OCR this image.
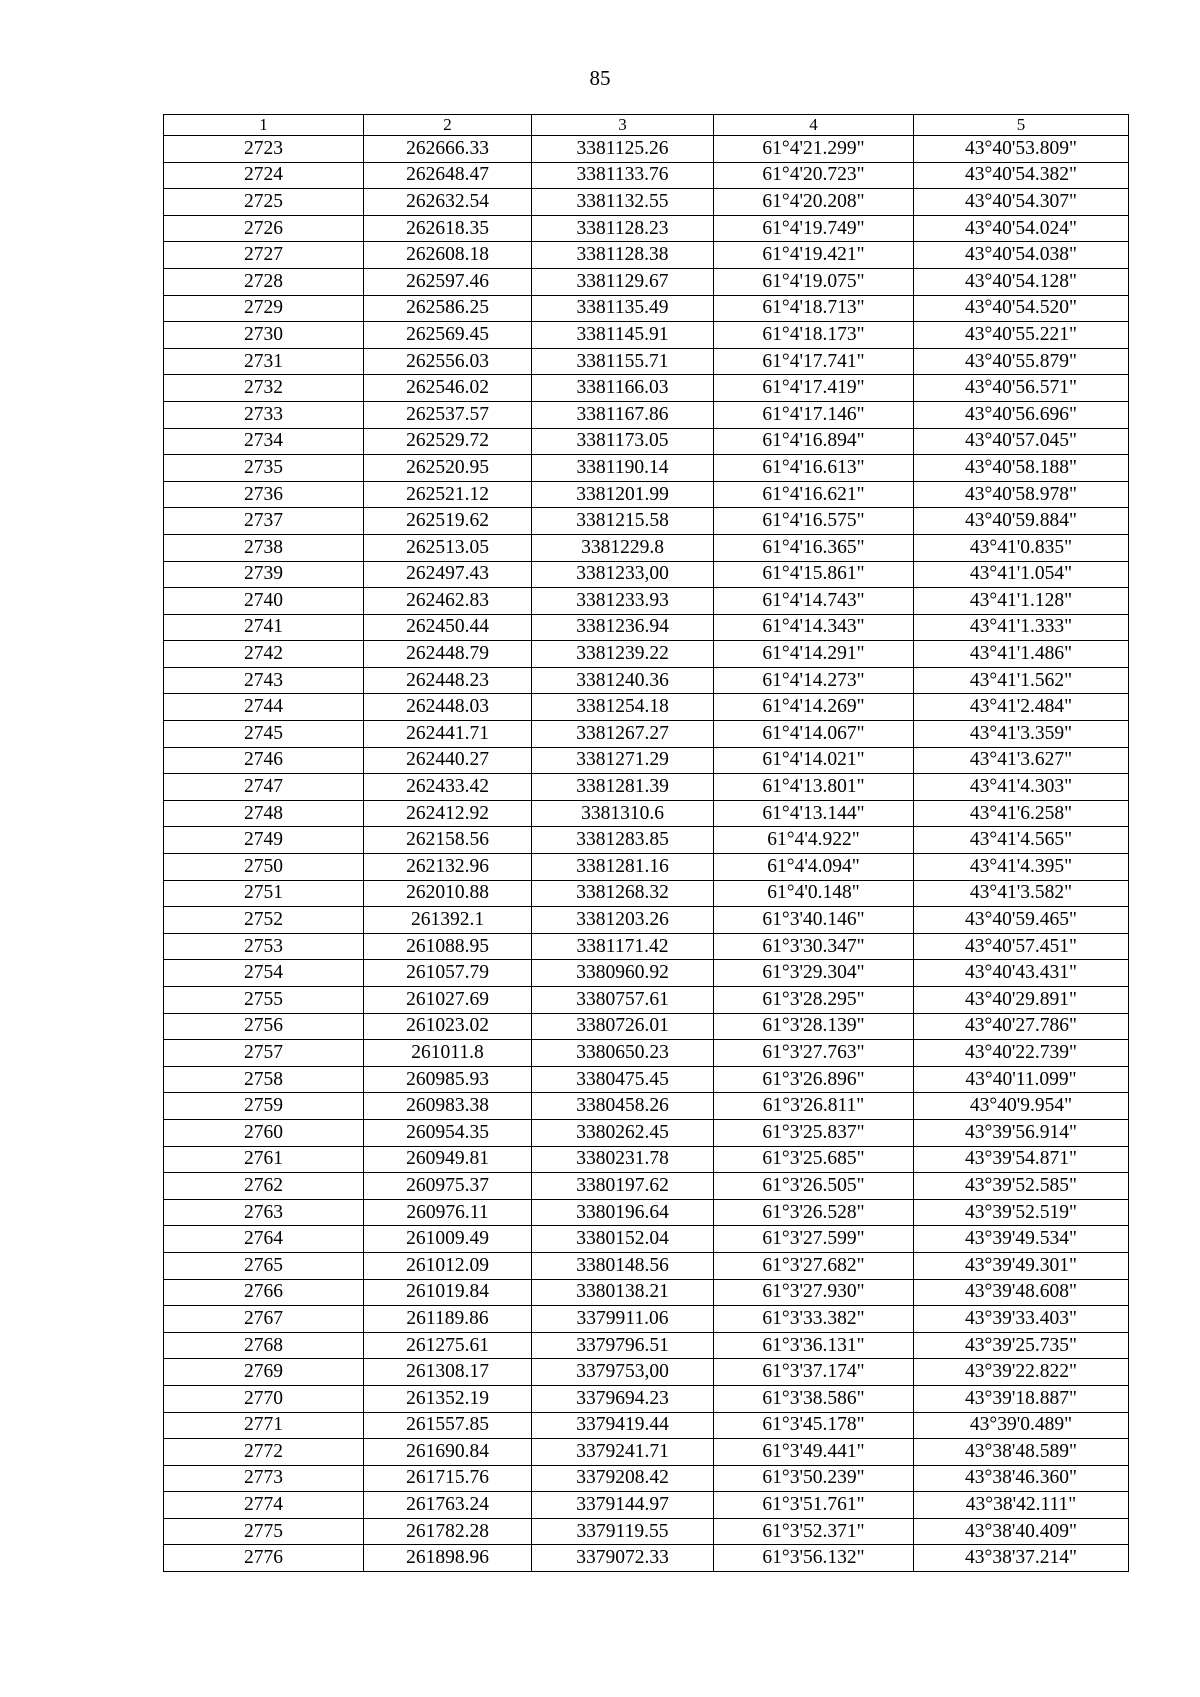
85
1	2	3	4	5
2723	262666.33	3381125.26	61°4'21.299"	43°40'53.809"
2724	262648.47	3381133.76	61°4'20.723"	43°40'54.382"
2725	262632.54	3381132.55	61°4'20.208"	43°40'54.307"
2726	262618.35	3381128.23	61°4'19.749"	43°40'54.024"
2727	262608.18	3381128.38	61°4'19.421"	43°40'54.038"
2728	262597.46	3381129.67	61°4'19.075"	43°40'54.128"
2729	262586.25	3381135.49	61°4'18.713"	43°40'54.520"
2730	262569.45	3381145.91	61°4'18.173"	43°40'55.221"
2731	262556.03	3381155.71	61°4'17.741"	43°40'55.879"
2732	262546.02	3381166.03	61°4'17.419"	43°40'56.571"
2733	262537.57	3381167.86	61°4'17.146"	43°40'56.696"
2734	262529.72	3381173.05	61°4'16.894"	43°40'57.045"
2735	262520.95	3381190.14	61°4'16.613"	43°40'58.188"
2736	262521.12	3381201.99	61°4'16.621"	43°40'58.978"
2737	262519.62	3381215.58	61°4'16.575"	43°40'59.884"
2738	262513.05	3381229.8	61°4'16.365"	43°41'0.835"
2739	262497.43	3381233,00	61°4'15.861"	43°41'1.054"
2740	262462.83	3381233.93	61°4'14.743"	43°41'1.128"
2741	262450.44	3381236.94	61°4'14.343"	43°41'1.333"
2742	262448.79	3381239.22	61°4'14.291"	43°41'1.486"
2743	262448.23	3381240.36	61°4'14.273"	43°41'1.562"
2744	262448.03	3381254.18	61°4'14.269"	43°41'2.484"
2745	262441.71	3381267.27	61°4'14.067"	43°41'3.359"
2746	262440.27	3381271.29	61°4'14.021"	43°41'3.627"
2747	262433.42	3381281.39	61°4'13.801"	43°41'4.303"
2748	262412.92	3381310.6	61°4'13.144"	43°41'6.258"
2749	262158.56	3381283.85	61°4'4.922"	43°41'4.565"
2750	262132.96	3381281.16	61°4'4.094"	43°41'4.395"
2751	262010.88	3381268.32	61°4'0.148"	43°41'3.582"
2752	261392.1	3381203.26	61°3'40.146"	43°40'59.465"
2753	261088.95	3381171.42	61°3'30.347"	43°40'57.451"
2754	261057.79	3380960.92	61°3'29.304"	43°40'43.431"
2755	261027.69	3380757.61	61°3'28.295"	43°40'29.891"
2756	261023.02	3380726.01	61°3'28.139"	43°40'27.786"
2757	261011.8	3380650.23	61°3'27.763"	43°40'22.739"
2758	260985.93	3380475.45	61°3'26.896"	43°40'11.099"
2759	260983.38	3380458.26	61°3'26.811"	43°40'9.954"
2760	260954.35	3380262.45	61°3'25.837"	43°39'56.914"
2761	260949.81	3380231.78	61°3'25.685"	43°39'54.871"
2762	260975.37	3380197.62	61°3'26.505"	43°39'52.585"
2763	260976.11	3380196.64	61°3'26.528"	43°39'52.519"
2764	261009.49	3380152.04	61°3'27.599"	43°39'49.534"
2765	261012.09	3380148.56	61°3'27.682"	43°39'49.301"
2766	261019.84	3380138.21	61°3'27.930"	43°39'48.608"
2767	261189.86	3379911.06	61°3'33.382"	43°39'33.403"
2768	261275.61	3379796.51	61°3'36.131"	43°39'25.735"
2769	261308.17	3379753,00	61°3'37.174"	43°39'22.822"
2770	261352.19	3379694.23	61°3'38.586"	43°39'18.887"
2771	261557.85	3379419.44	61°3'45.178"	43°39'0.489"
2772	261690.84	3379241.71	61°3'49.441"	43°38'48.589"
2773	261715.76	3379208.42	61°3'50.239"	43°38'46.360"
2774	261763.24	3379144.97	61°3'51.761"	43°38'42.111"
2775	261782.28	3379119.55	61°3'52.371"	43°38'40.409"
2776	261898.96	3379072.33	61°3'56.132"	43°38'37.214"
